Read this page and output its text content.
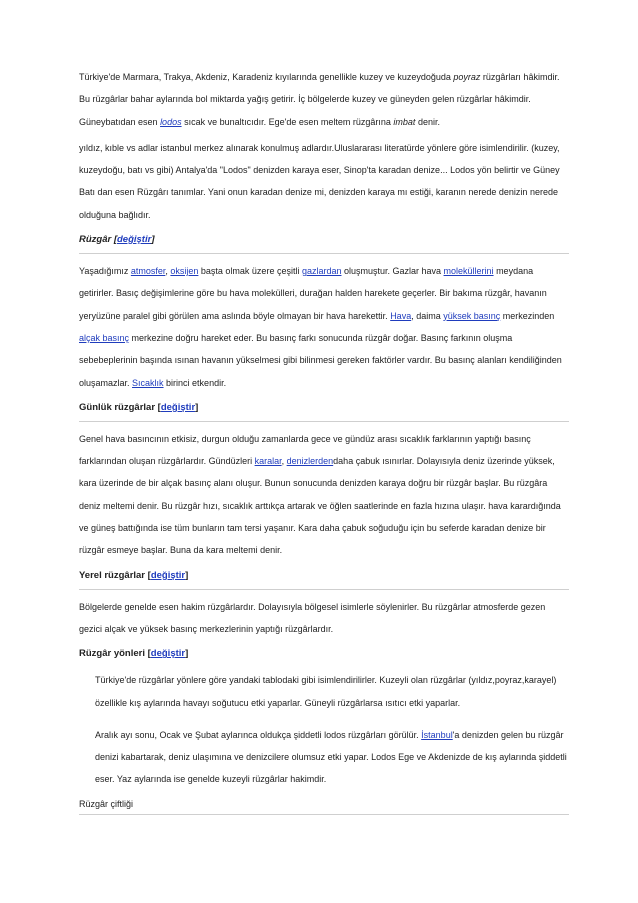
Türkiye'de Marmara, Trakya, Akdeniz, Karadeniz kıyılarında genellikle kuzey ve kuzeydoğuda poyraz rüzgârları hâkimdir. Bu rüzgârlar bahar aylarında bol miktarda yağış getirir. İç bölgelerde kuzey ve güneyden gelen rüzgârlar hâkimdir. Güneybatıdan esen lodos sıcak ve bunaltıcıdır. Ege'de esen meltem rüzgârına imbat denir.

yıldız, kıble vs adlar istanbul merkez alınarak konulmuş adlardır.Uluslararası literatürde yönlere göre isimlendirilir. (kuzey, kuzeydoğu, batı vs gibi) Antalya'da "Lodos" denizden karaya eser, Sinop'ta karadan denize... Lodos yön belirtir ve Güney Batı dan esen Rüzgârı tanımlar. Yani onun karadan denize mi, denizden karaya mı estiği, karanın nerede denizin nerede olduğuna bağlıdır.

Rüzgâr [değiştir]

Yaşadığımız atmosfer, oksijen başta olmak üzere çeşitli gazlardan oluşmuştur. Gazlar hava moleküllerini meydana getirirler. Basıç değişimlerine göre bu hava molekülleri, durağan halden harekete geçerler. Bir bakıma rüzgâr, havanın yeryüzüne paralel gibi görülen ama aslında böyle olmayan bir hava harekettir. Hava, daima yüksek basınç merkezinden alçak basınç merkezine doğru hareket eder. Bu basınç farkı sonucunda rüzgâr doğar. Basınç farkının oluşma sebebeplerinin başında ısınan havanın yükselmesi gibi bilinmesi gereken faktörler vardır. Bu basınç alanları kendiliğinden oluşamazlar. Sıcaklık birinci etkendir.

Günlük rüzgârlar [değiştir]

Genel hava basıncının etkisiz, durgun olduğu zamanlarda gece ve gündüz arası sıcaklık farklarının yaptığı basınç farklarından oluşan rüzgârlardır. Gündüzleri karalar, denizlerdendaha çabuk ısınırlar. Dolayısıyla deniz üzerinde yüksek, kara üzerinde de bir alçak basınç alanı oluşur. Bunun sonucunda denizden karaya doğru bir rüzgâr başlar. Bu rüzgâra deniz meltemi denir. Bu rüzgâr hızı, sıcaklık arttıkça artarak ve öğlen saatlerinde en fazla hızına ulaşır. hava karardığında ve güneş battığında ise tüm bunların tam tersi yaşanır. Kara daha çabuk soğuduğu için bu seferde karadan denize bir rüzgâr esmeye başlar. Buna da kara meltemi denir.

Yerel rüzgârlar [değiştir]

Bölgelerde genelde esen hakim rüzgârlardır. Dolayısıyla bölgesel isimlerle söylenirler. Bu rüzgârlar atmosferde gezen gezici alçak ve yüksek basınç merkezlerinin yaptığı rüzgârlardır.

Rüzgâr yönleri [değiştir]

Türkiye'de rüzgârlar yönlere göre yandaki tablodaki gibi isimlendirilirler. Kuzeyli olan rüzgârlar (yıldız,poyraz,karayel) özellikle kış aylarında havayı soğutucu etki yaparlar. Güneyli rüzgârlarsa ısıtıcı etki yaparlar.

Aralık ayı sonu, Ocak ve Şubat aylarınca oldukça şiddetli lodos rüzgârları görülür. İstanbul'a denizden gelen bu rüzgâr denizi kabartarak, deniz ulaşımına ve denizcilere olumsuz etki yapar. Lodos Ege ve Akdenizde de kış aylarında şiddetli eser. Yaz aylarında ise genelde kuzeyli rüzgârlar hakimdir.

Rüzgâr çiftliği
